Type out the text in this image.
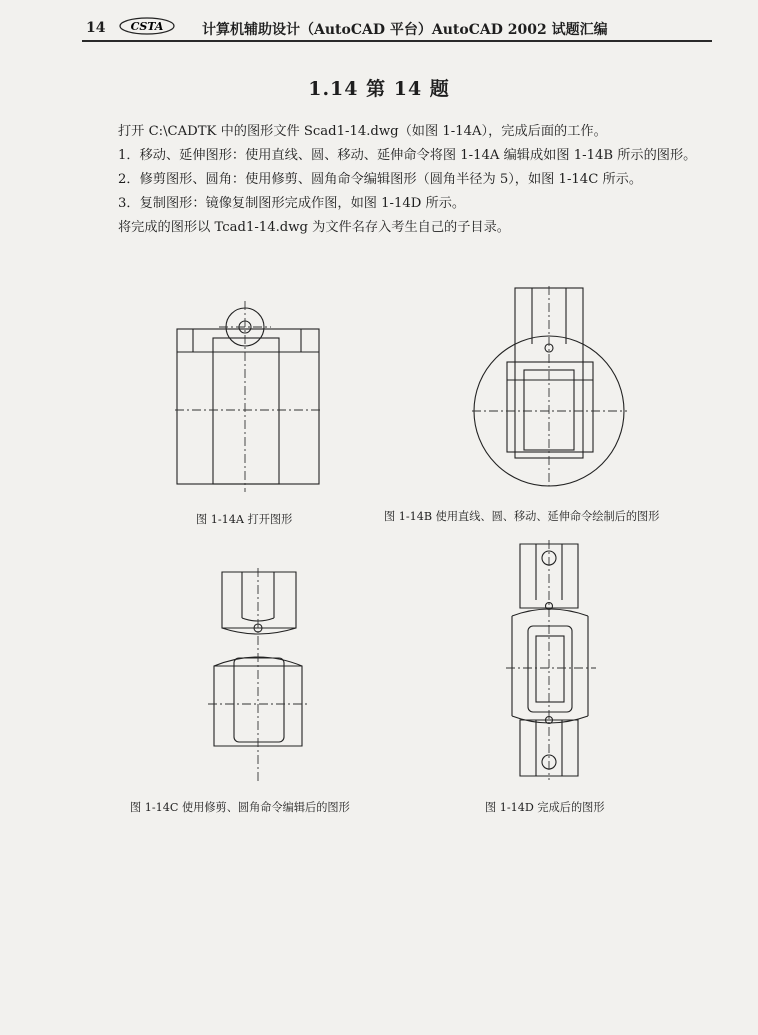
14 CSTA	计算机辅助设计（AutoCAD 平台）AutoCAD 2002 试题汇编
1.14 第 14 题

打开 C:\CADTK 中的图形文件 Scad1-14.dwg（如图 1-14A），完成后面的工作。

1．移动、延伸图形：使用直线、圆、移动、延伸命令将图 1-14A 编辑成如图 1-14B 所示的图形。

2．修剪图形、圆角：使用修剪、圆角命令编辑图形（圆角半径为 5），如图 1-14C 所示。

3．复制图形：镜像复制图形完成作图，如图 1-14D 所示。

将完成的图形以 Tcad1-14.dwg 为文件名存入考生自己的子目录。

图 1-14A 打开图形	图 1-14B 使用直线、圆、移动、延伸命令绘制后的图形
图 1-14C 使用修剪、圆角命令编辑后的图形	图 1-14D 完成后的图形
